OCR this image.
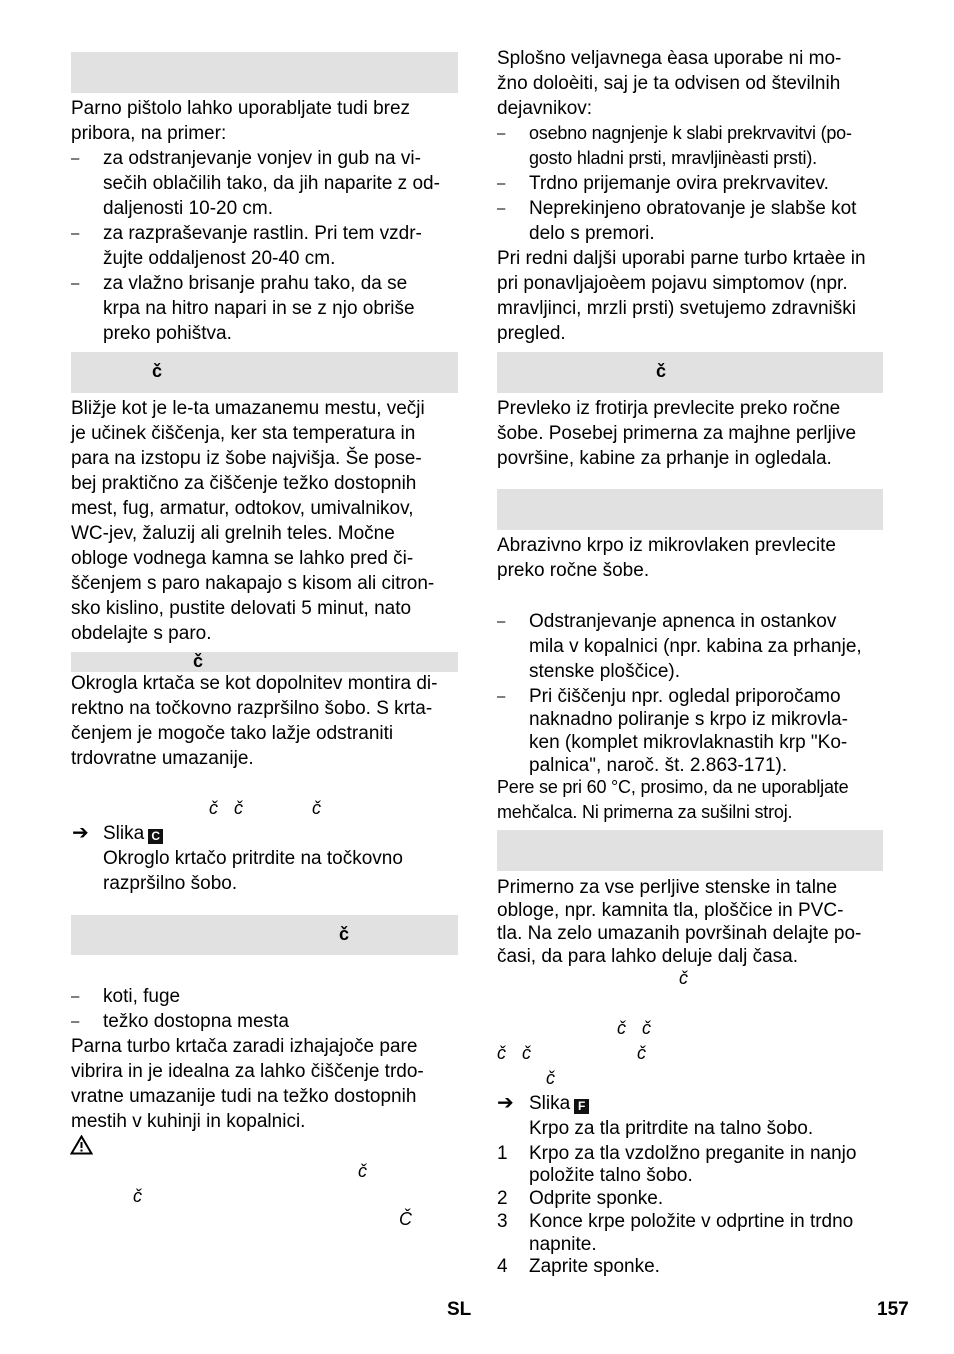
Parno pištolo lahko uporabljate tudi brez
pribora, na primer:
– za odstranjevanje vonjev in gub na vi-
sečih oblačilih tako, da jih naparite z od-
daljenosti 10-20 cm.
– za razpraševanje rastlin. Pri tem vzdr-
žujte oddaljenost 20-40 cm.
– za vlažno brisanje prahu tako, da se
krpa na hitro napari in se z njo obriše
preko pohištva.
č
Bližje kot je le-ta umazanemu mestu, večji
je učinek čiščenja, ker sta temperatura in
para na izstopu iz šobe najvišja. Še pose-
bej praktično za čiščenje težko dostopnih
mest, fug, armatur, odtokov, umivalnikov,
WC-jev, žaluzij ali grelnih teles. Močne
obloge vodnega kamna se lahko pred či-
ščenjem s paro nakapajo s kisom ali citron-
sko kislino, pustite delovati 5 minut, nato
obdelajte s paro.
č
Okrogla krtača se kot dopolnitev montira di-
rektno na točkovno razpršilno šobo. S krta-
čenjem je mogoče tako lažje odstraniti
trdovratne umazanije.
č č	č
➔ Slika C
Okroglo krtačo pritrdite na točkovno
razpršilno šobo.
č
– koti, fuge
– težko dostopna mesta
Parna turbo krtača zaradi izhajajoče pare
vibrira in je idealna za lahko čiščenje trdo-
vratne umazanije tudi na težko dostopnih
mestih v kuhinji in kopalnici.
č
č
Č
Splošno veljavnega èasa uporabe ni mo-
žno doloèiti, saj je ta odvisen od številnih
dejavnikov:
– osebno nagnjenje k slabi prekrvavitvi (po-
gosto hladni prsti, mravljinèasti prsti).
– Trdno prijemanje ovira prekrvavitev.
– Neprekinjeno obratovanje je slabše kot
delo s premori.
Pri redni daljši uporabi parne turbo krtaèe in
pri ponavljajoèem pojavu simptomov (npr.
mravljinci, mrzli prsti) svetujemo zdravniški
pregled.
č
Prevleko iz frotirja prevlecite preko ročne
šobe. Posebej primerna za majhne perljive
površine, kabine za prhanje in ogledala.
Abrazivno krpo iz mikrovlaken prevlecite
preko ročne šobe.
– Odstranjevanje apnenca in ostankov
mila v kopalnici (npr. kabina za prhanje,
stenske ploščice).
– Pri čiščenju npr. ogledal priporočamo
naknadno poliranje s krpo iz mikrovla-
ken (komplet mikrovlaknastih krp "Ko-
palnica", naroč. št. 2.863-171).
Pere se pri 60 °C, prosimo, da ne uporabljate
mehčalca. Ni primerna za sušilni stroj.
Primerno za vse perljive stenske in talne
obloge, npr. kamnita tla, ploščice in PVC-
tla. Na zelo umazanih površinah delajte po-
časi, da para lahko deluje dalj časa.
č
č č
č č	č
č
➔ Slika F
Krpo za tla pritrdite na talno šobo.
1 Krpo za tla vzdolžno preganite in nanjo
položite talno šobo.
2 Odprite sponke.
3 Konce krpe položite v odprtine in trdno
napnite.
4 Zaprite sponke.
SL	157
